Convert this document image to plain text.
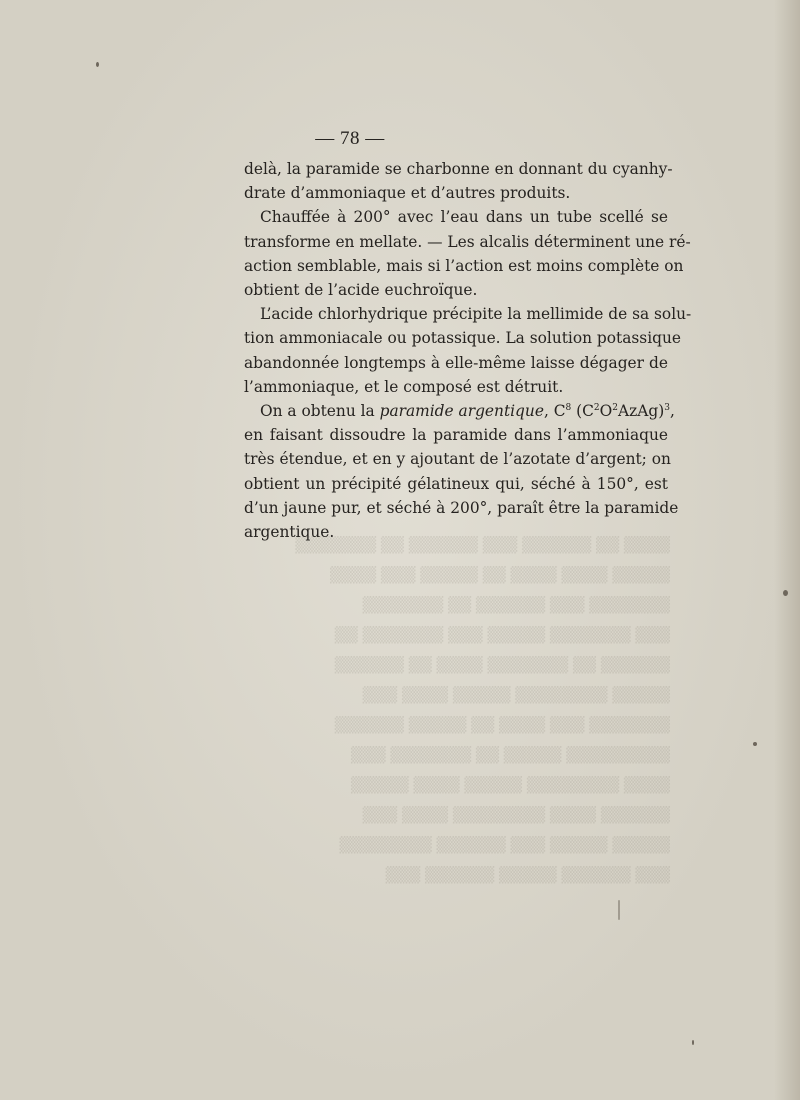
▒▒▒▒ ▒▒ ▒▒▒▒▒▒ ▒▒▒ ▒▒▒▒▒▒ ▒▒ ▒▒▒▒▒▒▒
▒▒▒▒▒ ▒▒▒▒ ▒▒▒▒ ▒▒ ▒▒▒▒▒ ▒▒▒ ▒▒▒▒
▒▒▒▒▒▒▒ ▒▒▒ ▒▒▒▒▒▒ ▒▒ ▒▒▒▒▒▒▒
▒▒▒ ▒▒▒▒▒▒▒ ▒▒▒▒▒ ▒▒▒ ▒▒▒▒▒▒▒ ▒▒
▒▒▒▒▒▒ ▒▒ ▒▒▒▒▒▒▒ ▒▒▒▒ ▒▒ ▒▒▒▒▒▒
▒▒▒▒▒ ▒▒▒▒▒▒▒▒ ▒▒▒▒▒ ▒▒▒▒ ▒▒▒
▒▒▒▒▒▒▒ ▒▒▒ ▒▒▒▒ ▒▒ ▒▒▒▒▒ ▒▒▒▒▒▒
▒▒▒▒▒▒▒▒▒ ▒▒▒▒▒ ▒▒ ▒▒▒▒▒▒▒ ▒▒▒
▒▒▒▒ ▒▒▒▒▒▒▒▒ ▒▒▒▒▒ ▒▒▒▒ ▒▒▒▒▒
▒▒▒▒▒▒ ▒▒▒▒ ▒▒▒▒▒▒▒▒ ▒▒▒▒ ▒▒▒
▒▒▒▒▒ ▒▒▒▒▒ ▒▒▒ ▒▒▒▒▒▒ ▒▒▒▒▒▒▒▒
▒▒▒ ▒▒▒▒▒▒ ▒▒▒▒▒ ▒▒▒▒▒▒ ▒▒▒
— 78 —
delà, la paramide se charbonne en donnant du cyanhy-
drate d’ammoniaque et d’autres produits.
Chauffée à 200° avec l’eau dans un tube scellé se
transforme en mellate. — Les alcalis déterminent une ré-
action semblable, mais si l’action est moins complète on
obtient de l’acide euchroïque.
L’acide chlorhydrique précipite la mellimide de sa solu-
tion ammoniacale ou potassique. La solution potassique
abandonnée longtemps à elle-même laisse dégager de
l’ammoniaque, et le composé est détruit.
On a obtenu la paramide argentique, $C^8$ $(C^2O^2AzAg)^3$,
en faisant dissoudre la paramide dans l’ammoniaque
très étendue, et en y ajoutant de l’azotate d’argent; on
obtient un précipité gélatineux qui, séché à 150°, est
d’un jaune pur, et séché à 200°, paraît être la paramide
argentique.
